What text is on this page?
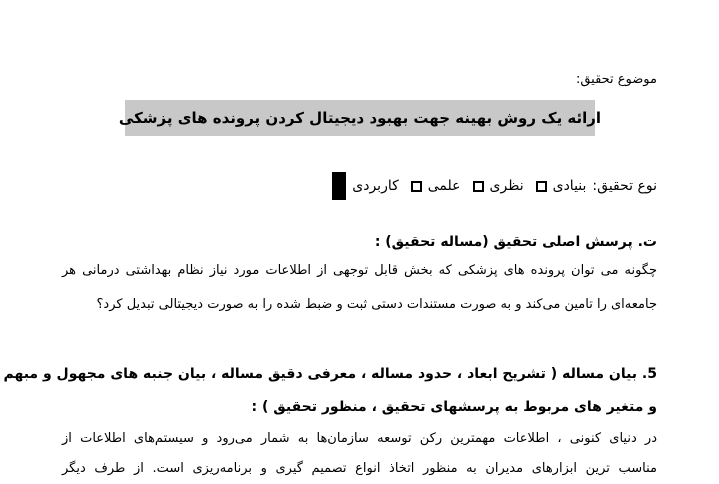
موضوع تحقیق:
ارائه یک روش بهینه جهت بهبود دیجیتال کردن پرونده های پزشکی
نوع تحقیق:
بنیادی
نظری
علمی
کاربردی
ت. پرسش اصلی تحقیق (مساله تحقیق) :
چگونه می توان پرونده های پزشکی که بخش قابل توجهی از اطلاعات مورد نیاز نظام بهداشتی درمانی هر
جامعه‌ای را تامین می‌کند و به صورت مستندات دستی ثبت و ضبط شده را به صورت دیجیتالی تبدیل کرد؟
5. بیان مساله ( تشریح ابعاد ، حدود مساله ، معرفی دقیق مساله ، بیان جنبه های مجهول و مبهم
و متغیر های مربوط به پرسشهای تحقیق ، منظور تحقیق ) :
در دنیای کنونی ، اطلاعات مهمترین رکن توسعه سازمان‌ها به شمار می‌رود و سیستم‌های اطلاعات از
مناسب ترین ابزارهای مدیران به منظور اتخاذ انواع تصمیم گیری و برنامه‌ریزی است. از طرف دیگر
